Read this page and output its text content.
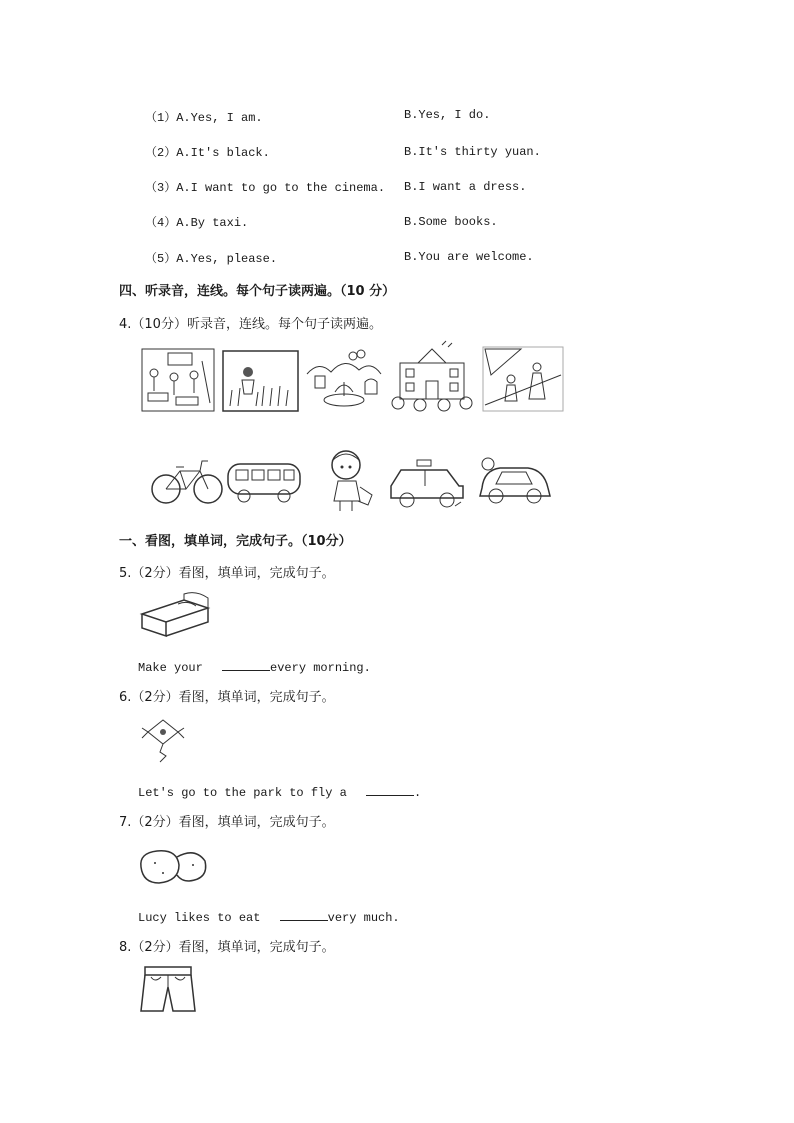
（1）A.Yes, I am.	B.Yes, I do.
（2）A.It's black.	B.It's thirty yuan.
（3）A.I want to go to the cinema. B.I want a dress.
（4）A.By taxi.	B.Some books.
（5）A.Yes, please.	B.You are welcome.
四、听录音，连线。每个句子读两遍。（10 分）
4.（10分）听录音，连线。每个句子读两遍。
一、看图，填单词，完成句子。（10分）
5.（2分）看图，填单词，完成句子。
Make your	every morning.
6.（2分）看图，填单词，完成句子。
Let's go to the park to fly a	.
7.（2分）看图，填单词，完成句子。
Lucy likes to eat	very much.
8.（2分）看图，填单词，完成句子。
